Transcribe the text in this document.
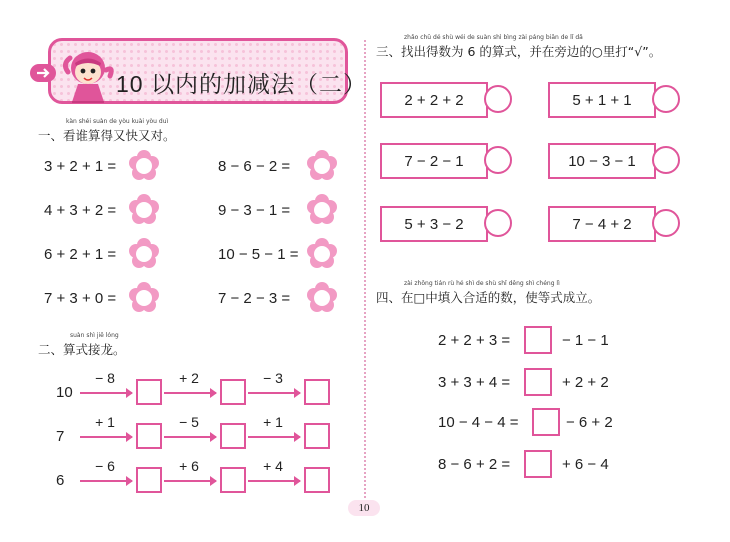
10 以内的加减法（二）
kàn shéi suàn de yòu kuài yòu duì
一、看谁算得又快又对。
3 + 2 + 1 =	8 − 6 − 2 =
4 + 3 + 2 =	9 − 3 − 1 =
6 + 2 + 1 =	10 − 5 − 1 =
7 + 3 + 0 =	7 − 2 − 3 =
suàn shì jiē lóng
二、算式接龙。
10
− 8	+ 2	− 3
7
+ 1	− 5	+ 1
6
− 6	+ 6	+ 4
zhǎo chū dé shù wéi de suàn shì bìng zài páng biān de lǐ dǎ
三、找出得数为 6 的算式，并在旁边的○里打“√”。
2 + 2 + 2	5 + 1 + 1
7 − 2 − 1	10 − 3 − 1
5 + 3 − 2	7 − 4 + 2
zài zhōng tián rù hé shì de shù shǐ děng shì chéng lì
四、在□中填入合适的数，使等式成立。
2 + 2 + 3 =	− 1 − 1
3 + 3 + 4 =	+ 2 + 2
10 − 4 − 4 =	− 6 + 2
8 − 6 + 2 =	+ 6 − 4
10
